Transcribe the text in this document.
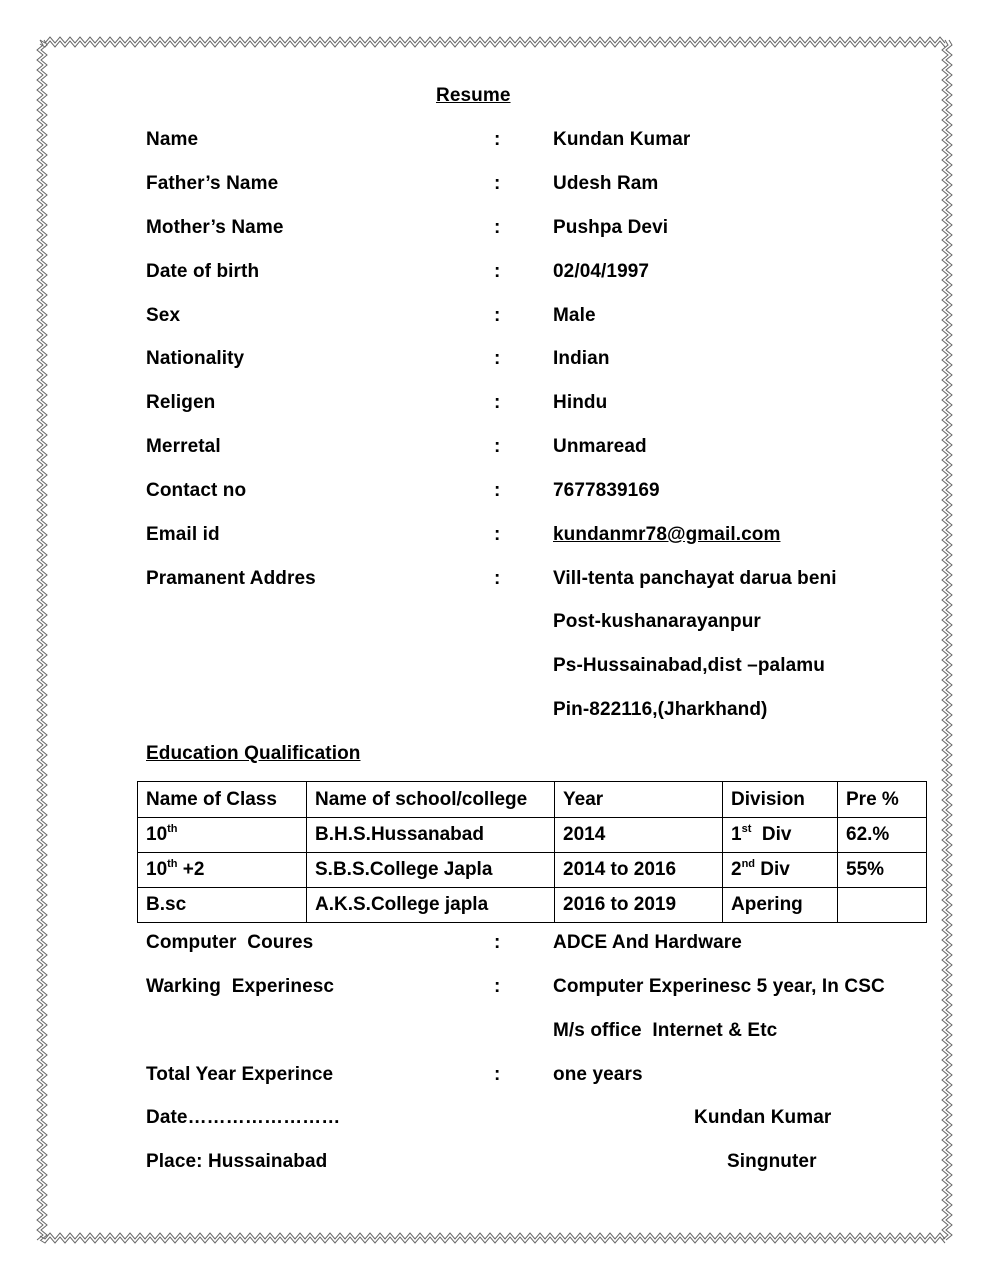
Resume
Name	:	Kundan Kumar
Father’s Name	:	Udesh Ram
Mother’s Name	:	Pushpa Devi
Date of birth	:	02/04/1997
Sex	:	Male
Nationality	:	Indian
Religen	:	Hindu
Merretal	:	Unmaread
Contact no	:	7677839169
Email id	:	kundanmr78@gmail.com
Pramanent Addres	:	Vill-tenta panchayat darua beni
Post-kushanarayanpur
Ps-Hussainabad,dist –palamu
Pin-822116,(Jharkhand)
Education Qualification
Name of Class	Name of school/college	Year	Division	Pre %
10th	B.H.S.Hussanabad	2014	1st  Div	62.%
10th +2	S.B.S.College Japla	2014 to 2016	2nd Div	55%
B.sc	A.K.S.College japla	2016 to 2019	Apering	
Computer  Coures	:	ADCE And Hardware
Warking  Experinesc	:	Computer Experinesc 5 year, In CSC
M/s office  Internet & Etc
Total Year Experince	:	one years
Date……………………	Kundan Kumar
Place: Hussainabad	Singnuter
